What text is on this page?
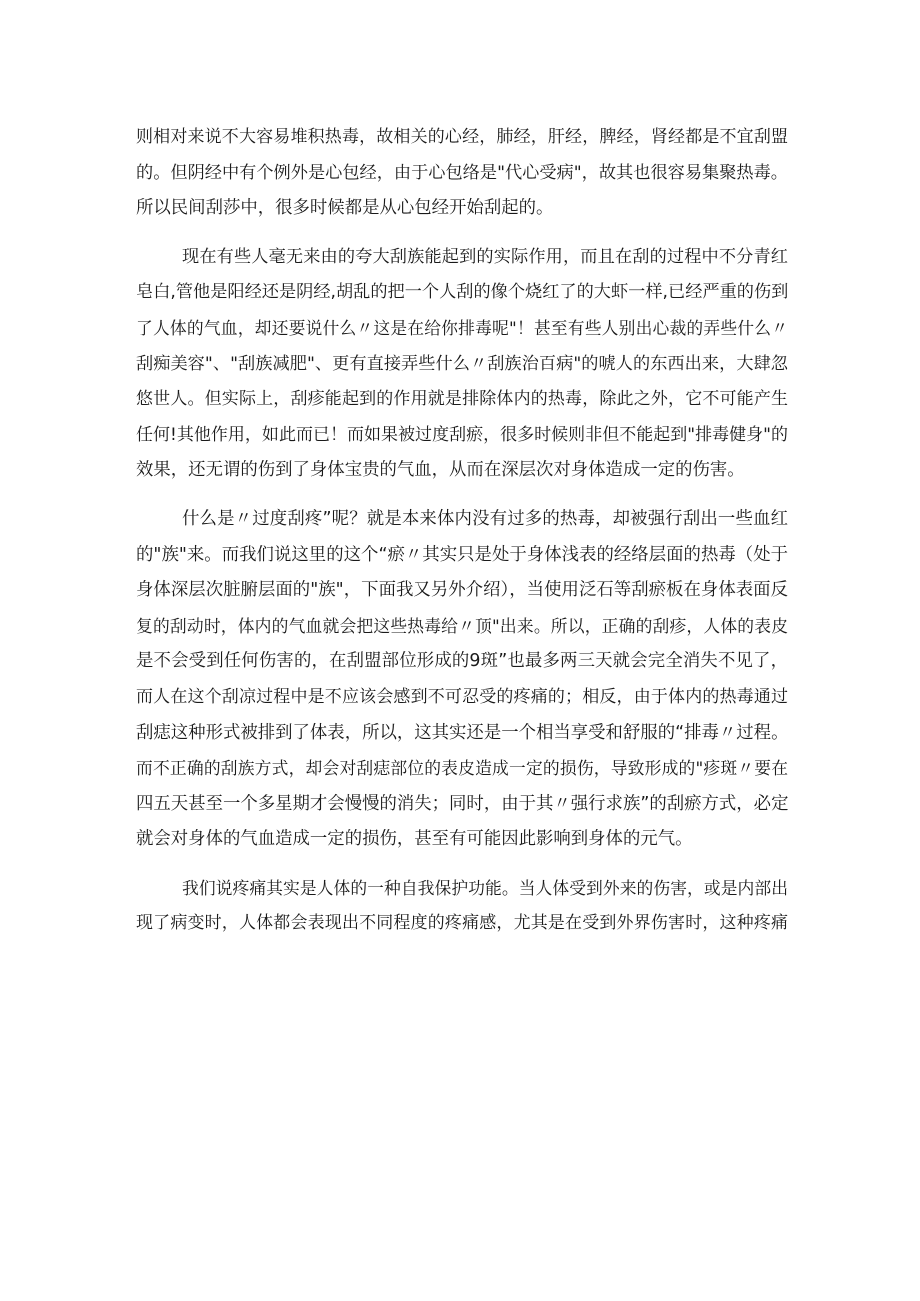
则相对来说不大容易堆积热毒，故相关的心经，肺经，肝经，脾经，肾经都是不宜刮盟
的。但阴经中有个例外是心包经，由于心包络是"代心受病"，故其也很容易集聚热毒。
所以民间刮莎中，很多时候都是从心包经开始刮起的。
现在有些人毫无来由的夸大刮族能起到的实际作用，而且在刮的过程中不分青红
皂白,管他是阳经还是阴经,胡乱的把一个人刮的像个烧红了的大虾一样,已经严重的伤到
了人体的气血，却还要说什么〃这是在给你排毒呢"！甚至有些人别出心裁的弄些什么〃
刮痴美容"、"刮族减肥"、更有直接弄些什么〃刮族治百病"的唬人的东西出来，大肆忽
悠世人。但实际上，刮疹能起到的作用就是排除体内的热毒，除此之外，它不可能产生
任何!其他作用，如此而已！而如果被过度刮瘀，很多时候则非但不能起到"排毒健身"的
效果，还无谓的伤到了身体宝贵的气血，从而在深层次对身体造成一定的伤害。
什么是〃过度刮疼”呢？就是本来体内没有过多的热毒，却被强行刮出一些血红
的"族"来。而我们说这里的这个“瘀〃其实只是处于身体浅表的经络层面的热毒（处于
身体深层次脏腑层面的"族"，下面我又另外介绍），当使用泛石等刮瘀板在身体表面反
复的刮动时，体内的气血就会把这些热毒给〃顶"出来。所以，正确的刮疹，人体的表皮
是不会受到任何伤害的，在刮盟部位形成的9斑”也最多两三天就会完全消失不见了，
而人在这个刮凉过程中是不应该会感到不可忍受的疼痛的；相反，由于体内的热毒通过
刮痣这种形式被排到了体表，所以，这其实还是一个相当享受和舒服的“排毒〃过程。
而不正确的刮族方式，却会对刮痣部位的表皮造成一定的损伤，导致形成的"疹斑〃要在
四五天甚至一个多星期才会慢慢的消失；同时，由于其〃强行求族”的刮瘀方式，必定
就会对身体的气血造成一定的损伤，甚至有可能因此影响到身体的元气。
我们说疼痛其实是人体的一种自我保护功能。当人体受到外来的伤害，或是内部出
现了病变时，人体都会表现出不同程度的疼痛感，尤其是在受到外界伤害时，这种疼痛
